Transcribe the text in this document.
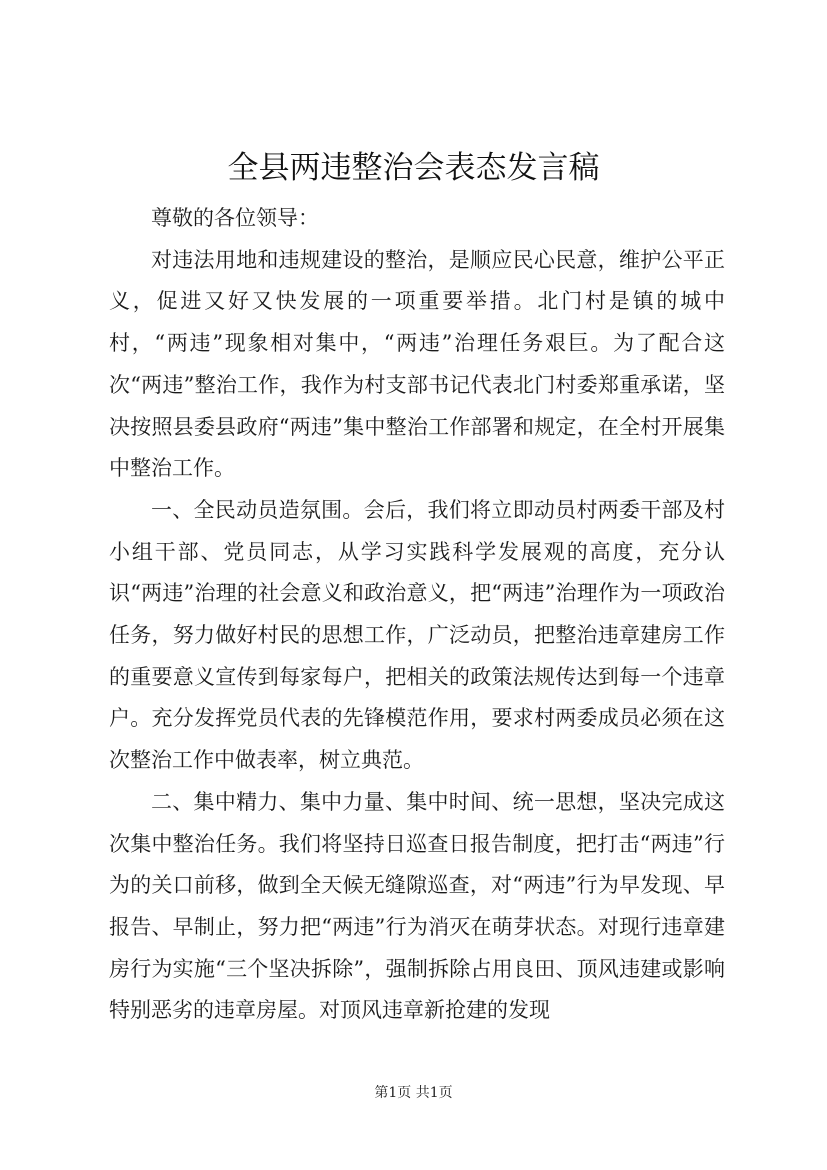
全县两违整治会表态发言稿

尊敬的各位领导：

对违法用地和违规建设的整治，是顺应民心民意，维护公平正义，促进又好又快发展的一项重要举措。北门村是镇的城中村，“两违”现象相对集中，“两违”治理任务艰巨。为了配合这次“两违”整治工作，我作为村支部书记代表北门村委郑重承诺，坚决按照县委县政府“两违”集中整治工作部署和规定，在全村开展集中整治工作。

一、全民动员造氛围。会后，我们将立即动员村两委干部及村小组干部、党员同志，从学习实践科学发展观的高度，充分认识“两违”治理的社会意义和政治意义，把“两违”治理作为一项政治任务，努力做好村民的思想工作，广泛动员，把整治违章建房工作的重要意义宣传到每家每户，把相关的政策法规传达到每一个违章户。充分发挥党员代表的先锋模范作用，要求村两委成员必须在这次整治工作中做表率，树立典范。

二、集中精力、集中力量、集中时间、统一思想，坚决完成这次集中整治任务。我们将坚持日巡查日报告制度，把打击“两违”行为的关口前移，做到全天候无缝隙巡查，对“两违”行为早发现、早报告、早制止，努力把“两违”行为消灭在萌芽状态。对现行违章建房行为实施“三个坚决拆除”，强制拆除占用良田、顶风违建或影响特别恶劣的违章房屋。对顶风违章新抢建的发现

第1页 共1页
